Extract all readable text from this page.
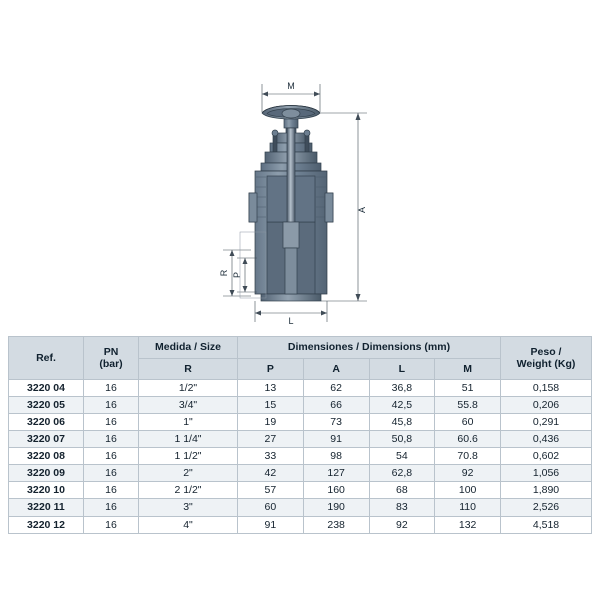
M
A
L
R P
Ref.	
PN
(bar)
	Medida / Size	Dimensiones / Dimensions (mm)	Peso /
Weight (Kg)

		R	P	A	L	M	
3220 04	16	1/2"	13	62	36,8	51	0,158
3220 05	16	3/4"	15	66	42,5	55.8	0,206
3220 06	16	1"	19	73	45,8	60	0,291
3220 07	16	1 1/4"	27	91	50,8	60.6	0,436
3220 08	16	1 1/2"	33	98	54	70.8	0,602
3220 09	16	2"	42	127	62,8	92	1,056
3220 10	16	2 1/2"	57	160	68	100	1,890
3220 11	16	3"	60	190	83	110	2,526
3220 12	16	4"	91	238	92	132	4,518
